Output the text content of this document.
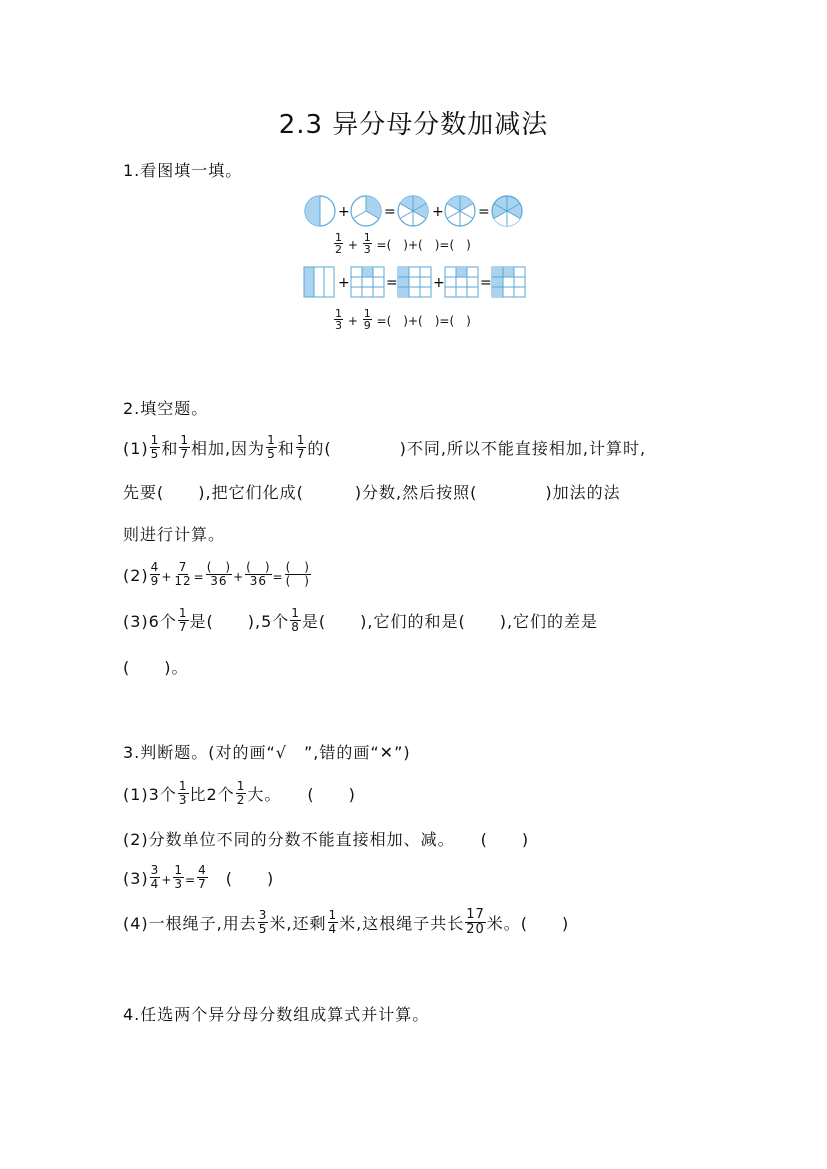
2.3 异分母分数加减法
1.看图填一填。
+ =	+ =
$\frac{1}{2} + \frac{1}{3}$ =(　)+(　)=(　)
+	=	+	=
$\frac{1}{3} + \frac{1}{9}$ =(　)+(　)=(　)
2.填空题。
$(1) \frac{1}{5}$ 和 $\frac{1}{7}$ 相加,因为 $\frac{1}{5}$ 和 $\frac{1}{7}$ 的(　　　　)不同,所以不能直接相加,计算时,
先要(　　),把它们化成(　　　)分数,然后按照(　　　　)加法的法
则进行计算。
$(2) \frac{4}{9} + \frac{7}{12} = \frac{( )}{36} + \frac{( )}{36} = \frac{( )}{( )}$
(3)6个 $\frac{1}{7}$ 是(　　),5个 $\frac{1}{8}$ 是(　　),它们的和是(　　),它们的差是
(　　)。
3.判断题。(对的画“√　”,错的画“✕”)
(1)3个 $\frac{1}{3}$ 比2个 $\frac{1}{2}$ 大。　　(　　)
(2)分数单位不同的分数不能直接相加、减。　　(　　)
$(3) \frac{3}{4} + \frac{1}{3} = \frac{4}{7}$ 　(　　)
(4)一根绳子,用去 $\frac{3}{5}$ 米,还剩 $\frac{1}{4}$ 米,这根绳子共长 $\frac{17}{20}$ 米。(　　)
4.任选两个异分母分数组成算式并计算。
